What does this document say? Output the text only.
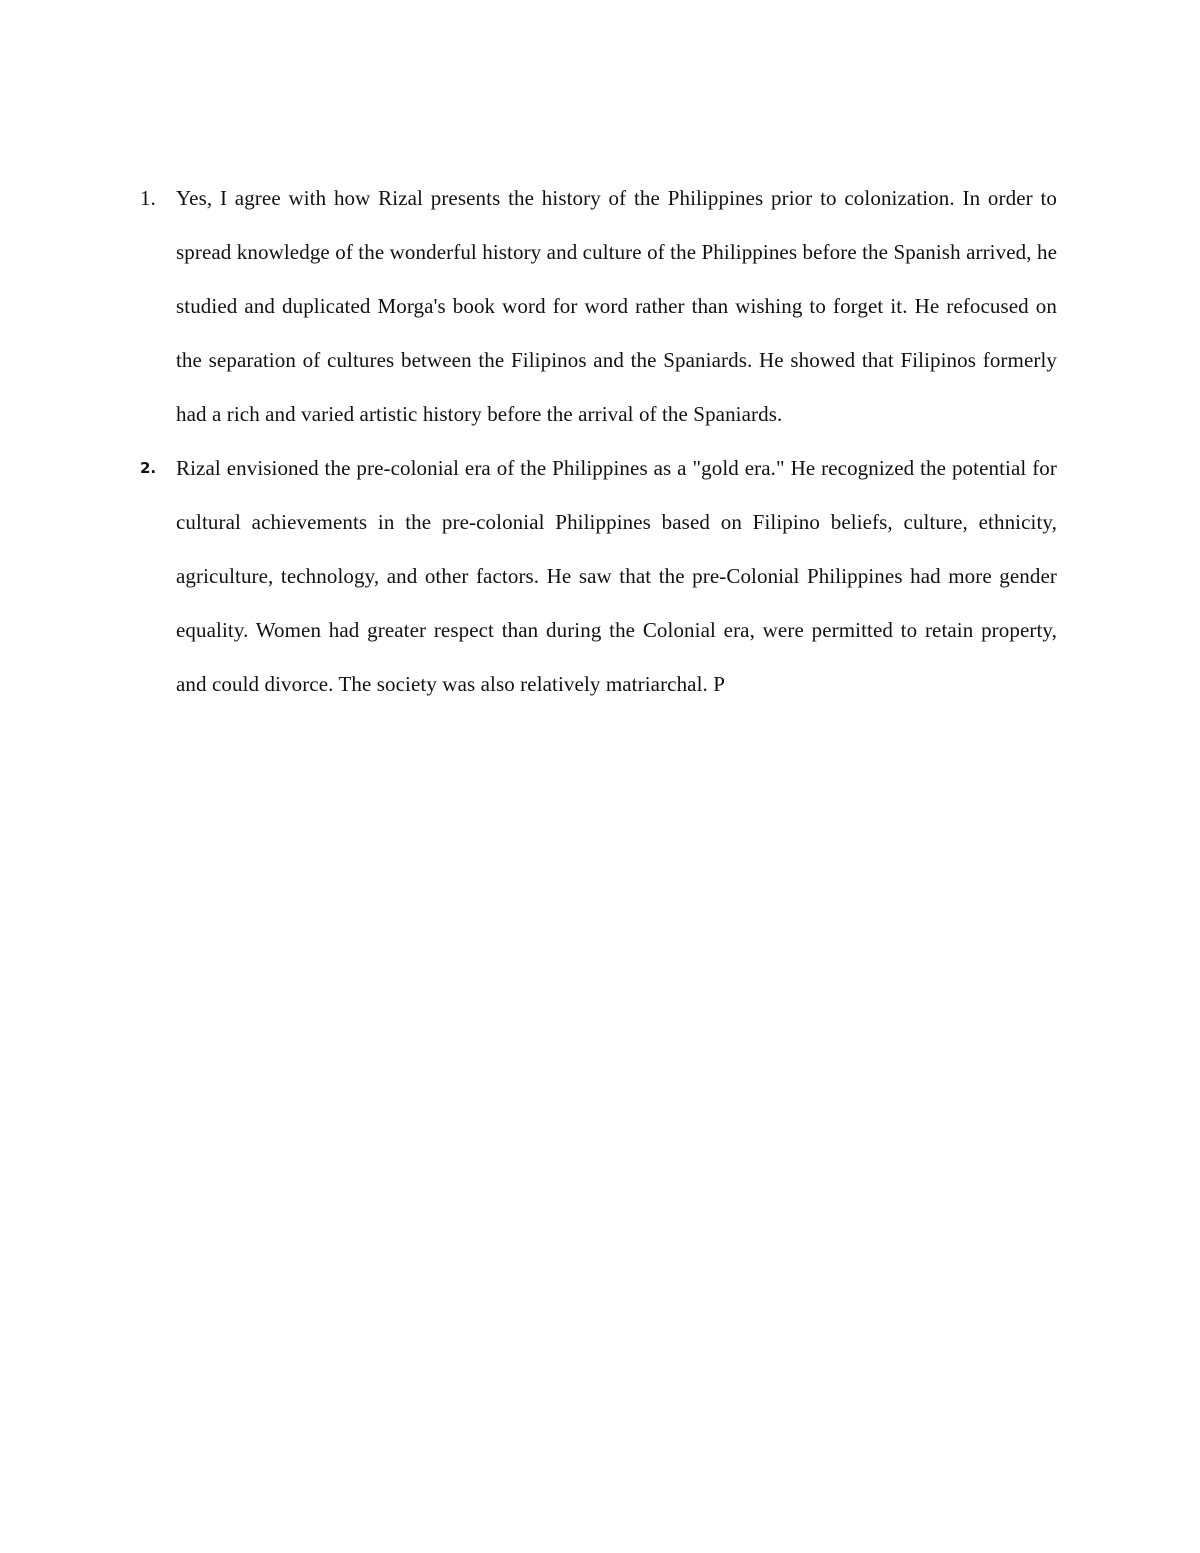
1. Yes, I agree with how Rizal presents the history of the Philippines prior to colonization. In order to spread knowledge of the wonderful history and culture of the Philippines before the Spanish arrived, he studied and duplicated Morga's book word for word rather than wishing to forget it. He refocused on the separation of cultures between the Filipinos and the Spaniards. He showed that Filipinos formerly had a rich and varied artistic history before the arrival of the Spaniards.
2. Rizal envisioned the pre-colonial era of the Philippines as a "gold era." He recognized the potential for cultural achievements in the pre-colonial Philippines based on Filipino beliefs, culture, ethnicity, agriculture, technology, and other factors. He saw that the pre-Colonial Philippines had more gender equality. Women had greater respect than during the Colonial era, were permitted to retain property, and could divorce. The society was also relatively matriarchal. P
